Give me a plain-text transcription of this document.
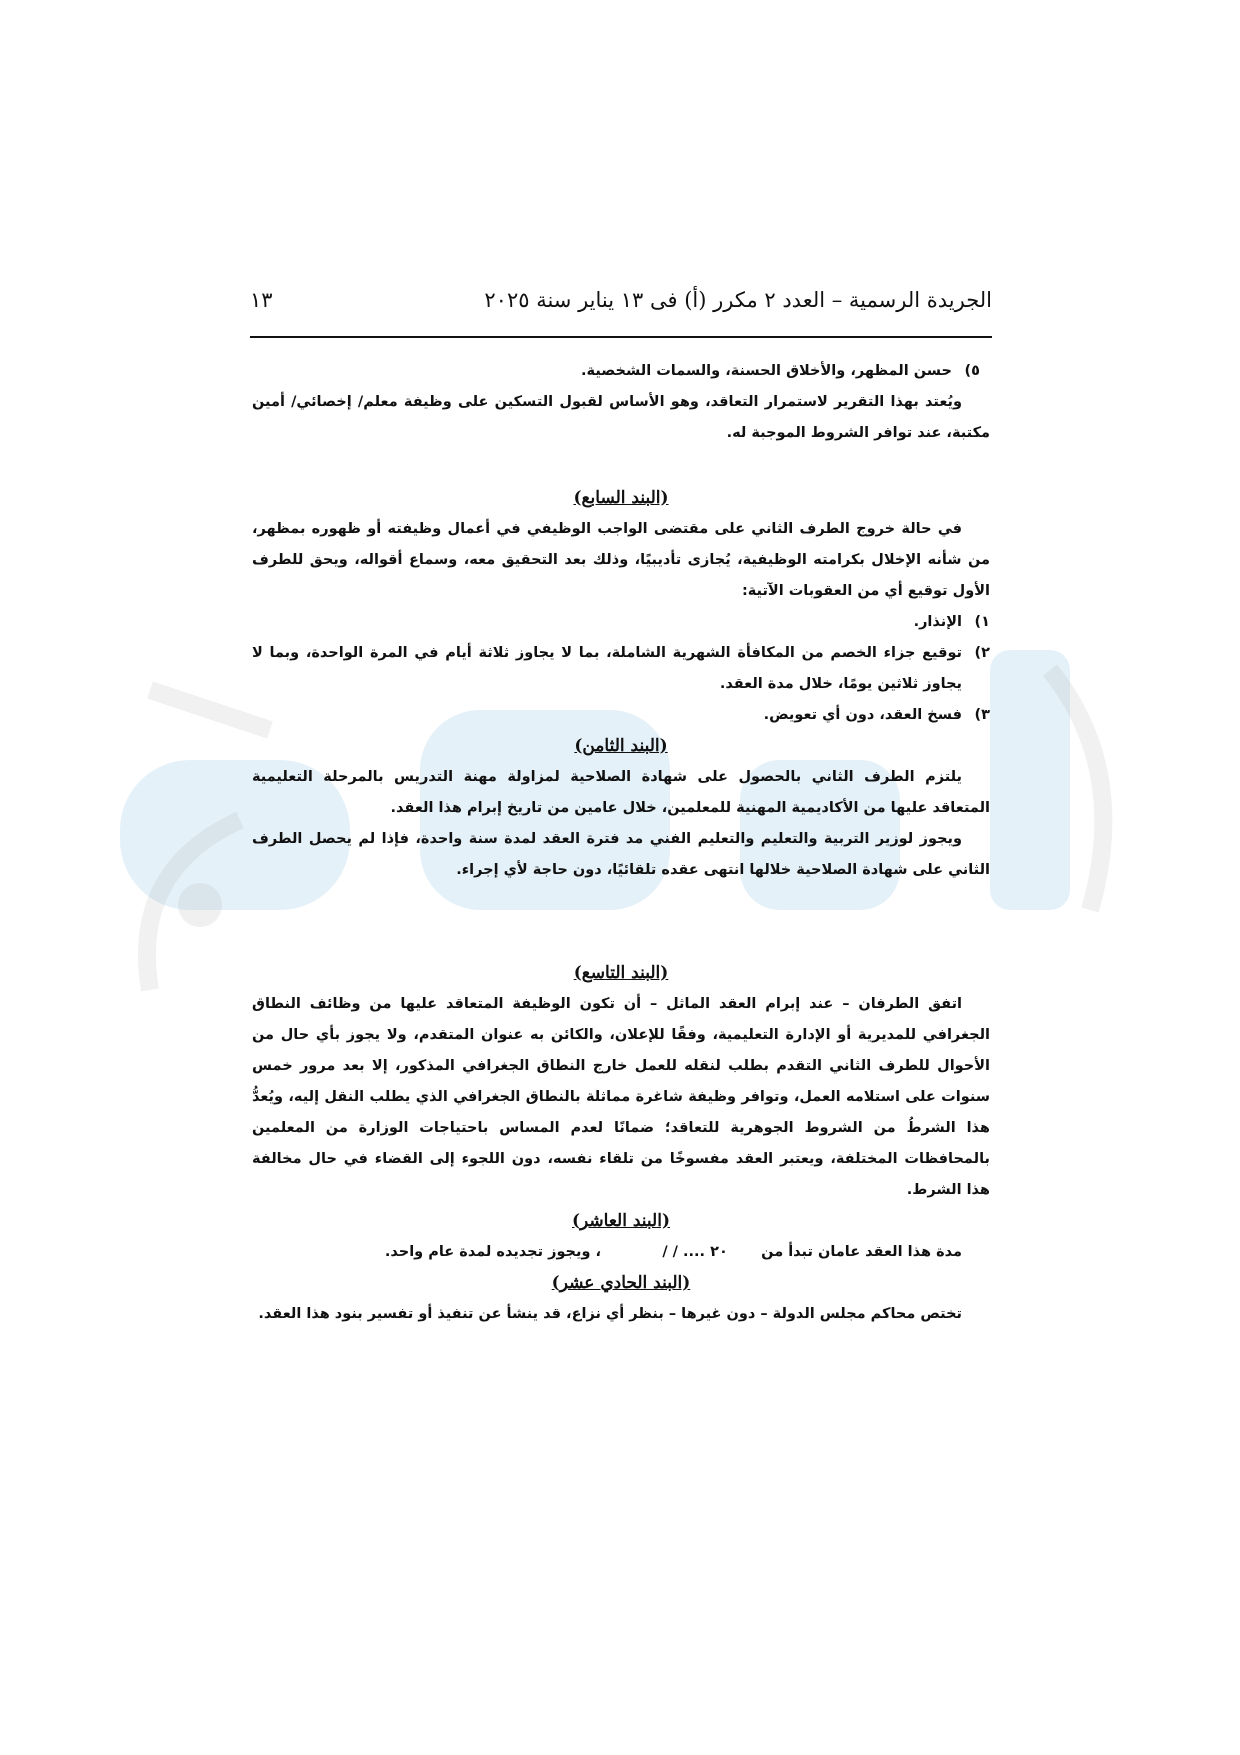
الجريدة الرسمية – العدد ٢ مكرر (أ) فى ١٣ يناير سنة ٢٠٢٥
١٣
٥)
حسن المظهر، والأخلاق الحسنة، والسمات الشخصية.

ويُعتد بهذا التقرير لاستمرار التعاقد، وهو الأساس لقبول التسكين على وظيفة معلم/ إخصائي/ أمين مكتبة، عند توافر الشروط الموجبة له.

(البند السابع)

في حالة خروج الطرف الثاني على مقتضى الواجب الوظيفي في أعمال وظيفته أو ظهوره بمظهر، من شأنه الإخلال بكرامته الوظيفية، يُجازى تأديبيًا، وذلك بعد التحقيق معه، وسماع أقواله، ويحق للطرف الأول توقيع أي من العقوبات الآتية:

١)
الإنذار.
٢)
توقيع جزاء الخصم من المكافأة الشهرية الشاملة، بما لا يجاوز ثلاثة أيام في المرة الواحدة، وبما لا يجاوز ثلاثين يومًا، خلال مدة العقد.
٣)
فسخ العقد، دون أي تعويض.

(البند الثامن)

يلتزم الطرف الثاني بالحصول على شهادة الصلاحية لمزاولة مهنة التدريس بالمرحلة التعليمية المتعاقد عليها من الأكاديمية المهنية للمعلمين، خلال عامين من تاريخ إبرام هذا العقد.

ويجوز لوزير التربية والتعليم والتعليم الفني مد فترة العقد لمدة سنة واحدة، فإذا لم يحصل الطرف الثاني على شهادة الصلاحية خلالها انتهى عقده تلقائيًا، دون حاجة لأي إجراء.

(البند التاسع)

اتفق الطرفان – عند إبرام العقد الماثل – أن تكون الوظيفة المتعاقد عليها من وظائف النطاق الجغرافي للمديرية أو الإدارة التعليمية، وفقًا للإعلان، والكائن به عنوان المتقدم، ولا يجوز بأي حال من الأحوال للطرف الثاني التقدم بطلب لنقله للعمل خارج النطاق الجغرافي المذكور، إلا بعد مرور خمس سنوات على استلامه العمل، وتوافر وظيفة شاغرة مماثلة بالنطاق الجغرافي الذي يطلب النقل إليه، ويُعدُّ هذا الشرطُ من الشروط الجوهرية للتعاقد؛ ضمانًا لعدم المساس باحتياجات الوزارة من المعلمين بالمحافظات المختلفة، ويعتبر العقد مفسوخًا من تلقاء نفسه، دون اللجوء إلى القضاء في حال مخالفة هذا الشرط.

(البند العاشر)

مدة هذا العقد عامان تبدأ من / / .... ٢٠ ، ويجوز تجديده لمدة عام واحد.

(البند الحادي عشر)

تختص محاكم مجلس الدولة – دون غيرها – بنظر أي نزاع، قد ينشأ عن تنفيذ أو تفسير بنود هذا العقد.
